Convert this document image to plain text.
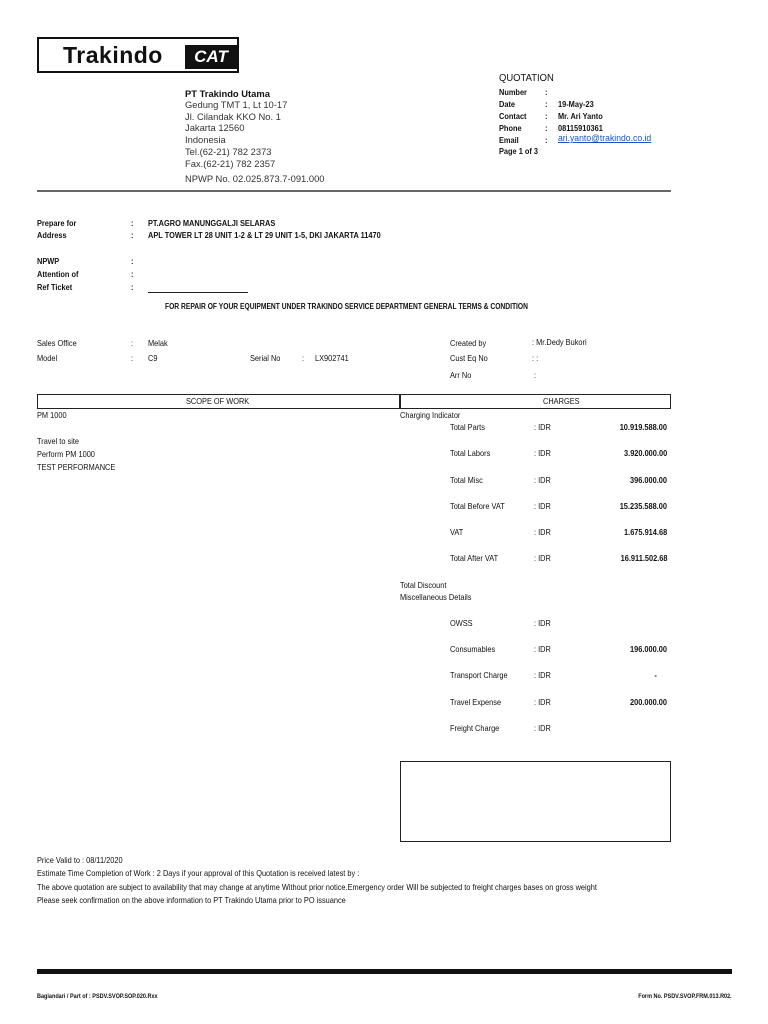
Trakindo	CAT
PT Trakindo Utama
Gedung TMT 1, Lt 10-17
Jl. Cilandak KKO No. 1
Jakarta 12560
Indonesia
Tel.(62-21) 782 2373
Fax.(62-21) 782 2357
NPWP No. 02.025.873.7-091.000
QUOTATION
Number :
Date	: 19-May-23
Contact : Mr. Ari Yanto
Phone	: 08115910361
Email	: ari.yanto@trakindo.co.id
Page 1 of 3
Prepare for	: PT.AGRO MANUNGGALJI SELARAS
Address	: APL TOWER LT 28 UNIT 1-2 & LT 29 UNIT 1-5, DKI JAKARTA 11470
NPWP	:
Attention of	:
Ref Ticket	:
FOR REPAIR OF YOUR EQUIPMENT UNDER TRAKINDO SERVICE DEPARTMENT GENERAL TERMS & CONDITION
Sales Office	: Melak
Model	: C9	Serial No	: LX902741
Created by	: Mr.Dedy Bukori
Cust Eq No	: :
Arr No	:
SCOPE OF WORK	CHARGES
PM 1000
Travel to site
Perform PM 1000
TEST PERFORMANCE
Charging Indicator
Total Parts	: IDR	10.919.588.00
Total Labors	: IDR	3.920.000.00
Total Misc	: IDR	396.000.00
Total Before VAT	: IDR	15.235.588.00
VAT	: IDR	1.675.914.68
Total After VAT	: IDR	16.911.502.68
Total Discount
Miscellaneous Details
OWSS	: IDR
Consumables	: IDR	196.000.00
Transport Charge	: IDR	-
Travel Expense	: IDR	200.000.00
Freight Charge	: IDR
Price Valid to : 08/11/2020
Estimate Time Completion of Work : 2 Days if your approval of this Quotation is received latest by :
The above quotation are subject to availability that may change at anytime Without prior notice.Emergency order Will be subjected to freight charges bases on gross weight
Please seek confirmation on the above information to PT Trakindo Utama prior to PO issuance
Bagiandari / Part of : PSDV.SVOP.SOP.020.Rxx	Form No. PSDV.SVOP.FRM.013.R02.
